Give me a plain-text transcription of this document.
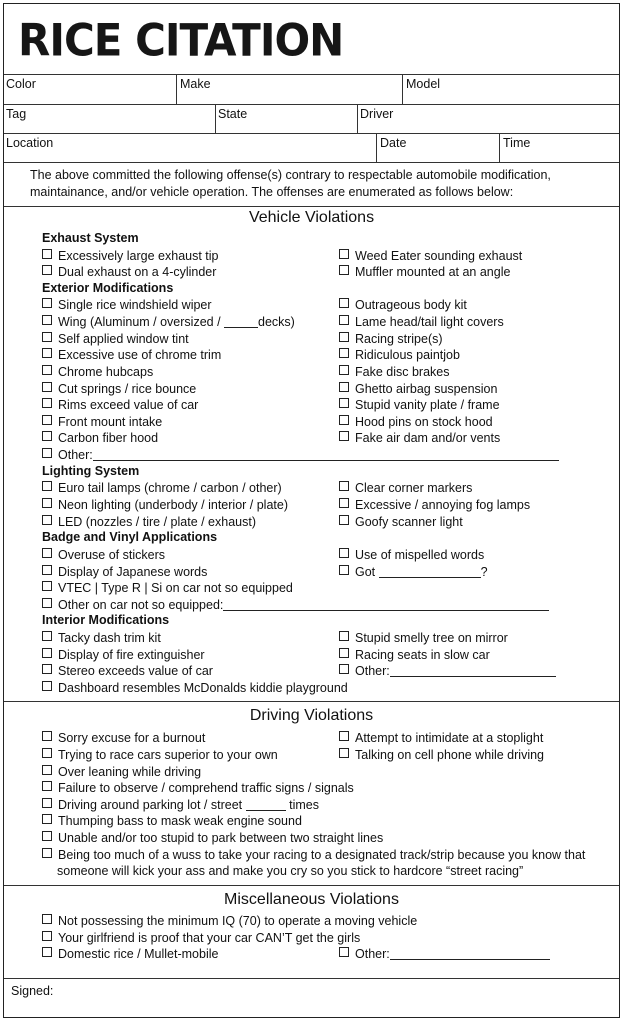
RICE CITATION
Color	Make	Model
Tag	State	Driver
Location	Date	Time
The above committed the following offense(s) contrary to respectable automobile modification, maintainance, and/or vehicle operation. The offenses are enumerated as follows below:
Vehicle Violations
Exhaust System
Excessively large exhaust tip	Weed Eater sounding exhaust
Dual exhaust on a 4-cylinder	Muffler mounted at an angle
Exterior Modifications
Single rice windshield wiper
Wing (Aluminum / oversized /	decks)
Self applied window tint
Excessive use of chrome trim
Chrome hubcaps
Cut springs / rice bounce
Rims exceed value of car
Front mount intake
Carbon fiber hood
Other:
Outrageous body kit
Lame head/tail light covers
Racing stripe(s)
Ridiculous paintjob
Fake disc brakes
Ghetto airbag suspension
Stupid vanity plate / frame
Hood pins on stock hood
Fake air dam and/or vents
Lighting System
Euro tail lamps (chrome / carbon / other)
Neon lighting (underbody / interior / plate)
LED (nozzles / tire / plate / exhaust)
Clear corner markers
Excessive / annoying fog lamps
Goofy scanner light
Badge and Vinyl Applications
Overuse of stickers
Display of Japanese words
VTEC | Type R | Si on car not so equipped
Other on car not so equipped:
Use of mispelled words
Got	?
Interior Modifications
Tacky dash trim kit
Display of fire extinguisher
Stereo exceeds value of car
Dashboard resembles McDonalds kiddie playground
Stupid smelly tree on mirror
Racing seats in slow car
Other:
Driving Violations
Sorry excuse for a burnout
Trying to race cars superior to your own
Over leaning while driving
Failure to observe / comprehend traffic signs / signals
Driving around parking lot / street	times
Thumping bass to mask weak engine sound
Unable and/or too stupid to park between two straight lines
Being too much of a wuss to take your racing to a designated track/strip because you know that
someone will kick your ass and make you cry so you stick to hardcore “street racing”
Attempt to intimidate at a stoplight
Talking on cell phone while driving
Miscellaneous Violations
Not possessing the minimum IQ (70) to operate a moving vehicle
Your girlfriend is proof that your car CAN’T get the girls
Domestic rice / Mullet-mobile	Other:
Signed:
